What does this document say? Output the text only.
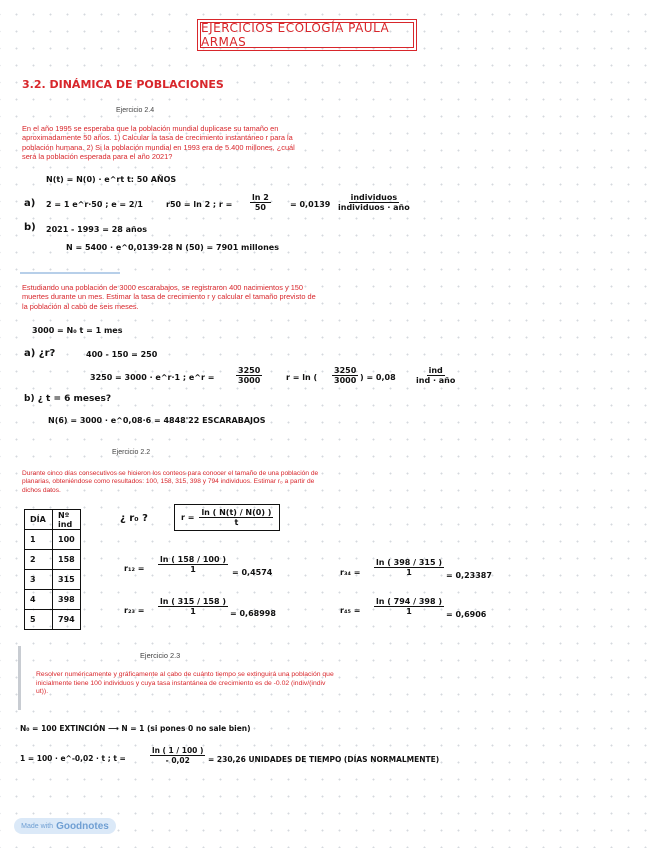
EJERCICIOS ECOLOGÍA PAULA ARMAS
3.2. DINÁMICA DE POBLACIONES
Ejercicio 2.4
En el año 1995 se esperaba que la población mundial duplicase su tamaño en aproximadamente 50 años. 1) Calcular la tasa de crecimiento instantáneo r para la población humana. 2) Si la población mundial en 1993 era de 5.400 millones, ¿cuál será la población esperada para el año 2021?
N(t) = N(0) · e^rt t: 50 AÑOS
a) 2 = 1 e^r·50 ; e = 2/1	r50 = ln 2 ; $r = \frac{\ln 2}{50} = 0,0139 \frac{\text{individuos}}{\text{individuos · año}}$
b) 2021 - 1993 = 28 años
N = 5400 · e^0,0139·28 N (50) = 7901 millones
Estudiando una población de 3000 escarabajos, se registraron 400 nacimientos y 150 muertes durante un mes. Estimar la tasa de crecimiento r y calcular el tamaño previsto de la población al cabo de seis meses.
3000 = N₀ t = 1 mes
a) ¿r?	400 - 150 = 250
3250 = 3000 · e^r·1 ; e^r =	$\frac{3250}{3000}$	r = ln ( $\frac{3250}{3000}$ ) = $0,08 \frac{\text{ind}}{\text{ind · año}}$
b) ¿ t = 6 meses?
N(6) = 3000 · e^0,08·6 = 4848'22 ESCARABAJOS
Ejercicio 2.2
Durante cinco días consecutivos se hicieron los conteos para conocer el tamaño de una población de planarias, obteniéndose como resultados: 100, 158, 315, 398 y 794 individuos. Estimar r₀ a partir de dichos datos.
DÍA	Nº ind
1	100
2	158
3	315
4	398
5	794
¿ r₀ ?	$r = \frac{\ln ( N(t) / N(0) )}{t}$
$r_{12} = \frac{\ln ( 158 / 100 )}{1} = 0,4574$
$r_{23} = \frac{\ln ( 315 / 158 )}{1} = 0,68998$
$r_{34} = \frac{\ln ( 398 / 315 )}{1} = 0,23387$
$r_{45} = \frac{\ln ( 794 / 398 )}{1} = 0,6906$
Ejercicio 2.3
Resolver numéricamente y gráficamente al cabo de cuánto tiempo se extinguirá una población que inicialmente tiene 100 individuos y cuya tasa instantánea de crecimiento es de -0.02 (indiv/(indiv ut)).
N₀ = 100 EXTINCIÓN ⟶ N = 1 (si pones 0 no sale bien)
1 = 100 · e^-0,02 · t ; t =	$\frac{\ln ( 1 / 100 )}{- 0,02} = 230,26$ UNIDADES DE TIEMPO (DÍAS NORMALMENTE)
Made with Goodnotes
